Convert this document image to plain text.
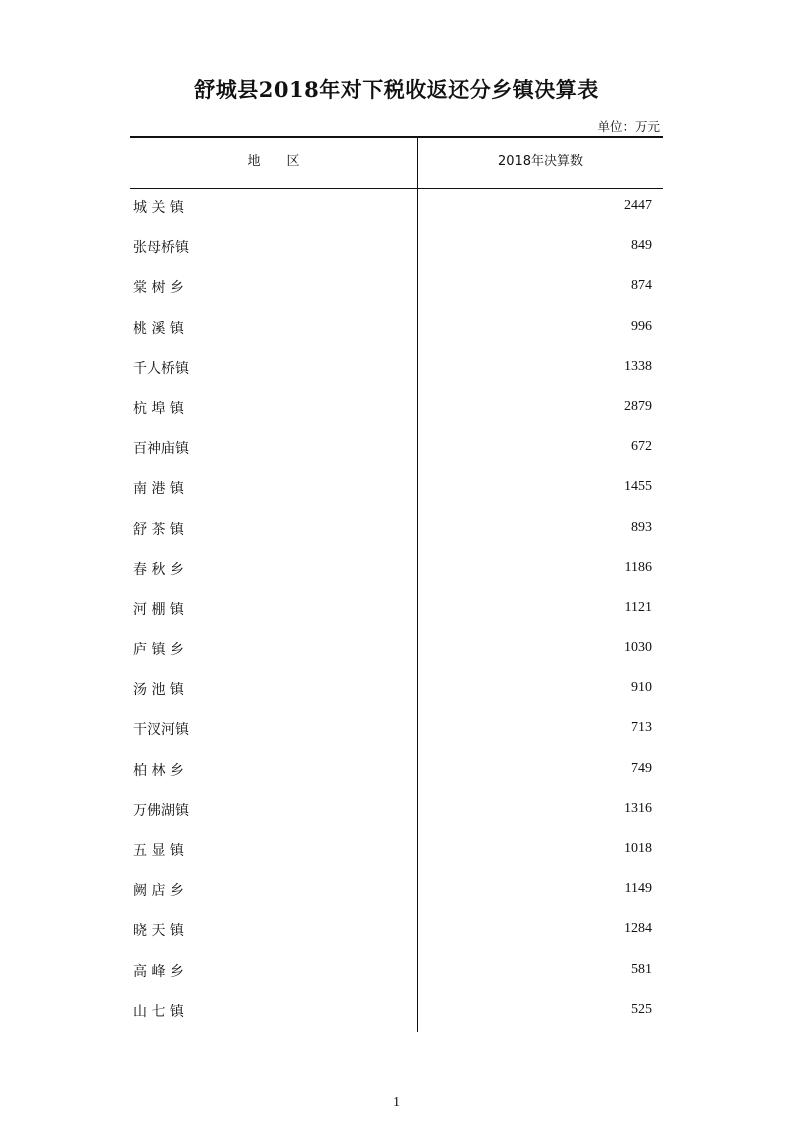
舒城县2018年对下税收返还分乡镇决算表
单位：万元
地 区	2018年决算数
城 关 镇	2447
张母桥镇	849
棠 树 乡	874
桃 溪 镇	996
千人桥镇	1338
杭 埠 镇	2879
百神庙镇	672
南 港 镇	1455
舒 茶 镇	893
春 秋 乡	1186
河 棚 镇	1121
庐 镇 乡	1030
汤 池 镇	910
干汊河镇	713
柏 林 乡	749
万佛湖镇	1316
五 显 镇	1018
阙 店 乡	1149
晓 天 镇	1284
高 峰 乡	581
山 七 镇	525
1
